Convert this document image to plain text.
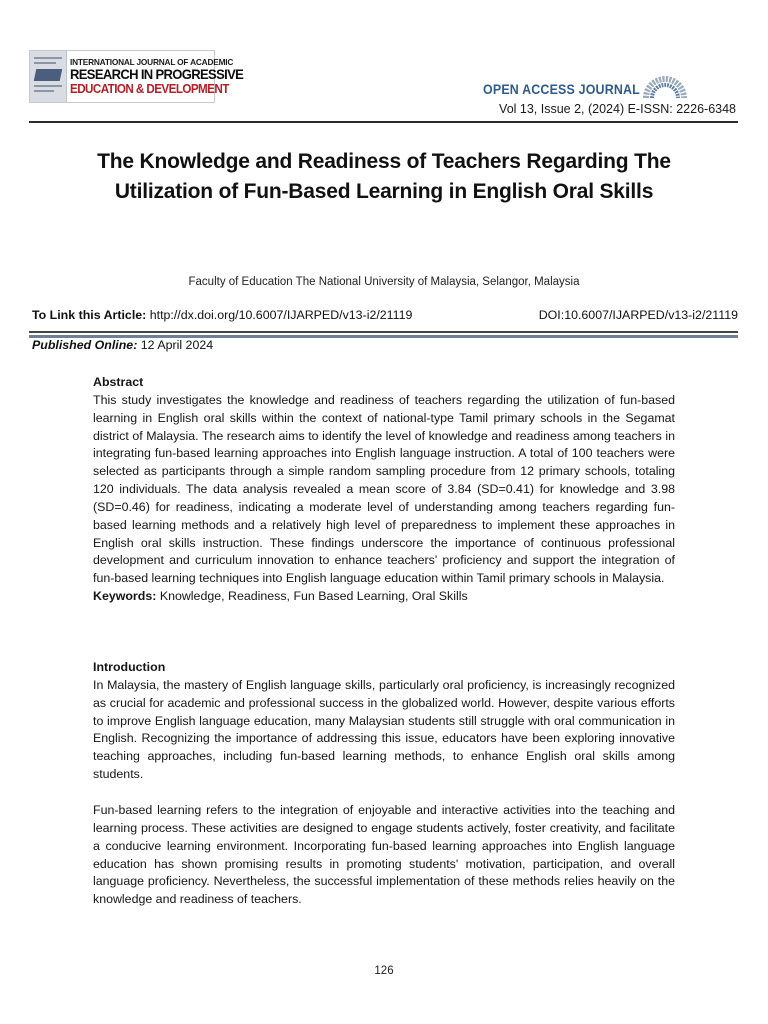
INTERNATIONAL JOURNAL OF ACADEMIC
RESEARCH IN PROGRESSIVE
EDUCATION & DEVELOPMENT	OPEN ACCESS JOURNAL
Vol 13, Issue 2, (2024) E-ISSN: 2226-6348
The Knowledge and Readiness of Teachers Regarding The Utilization of Fun-Based Learning in English Oral Skills
Faculty of Education The National University of Malaysia, Selangor, Malaysia
To Link this Article: http://dx.doi.org/10.6007/IJARPED/v13-i2/21119	DOI:10.6007/IJARPED/v13-i2/21119
Published Online: 12 April 2024
Abstract

This study investigates the knowledge and readiness of teachers regarding the utilization of fun-based learning in English oral skills within the context of national-type Tamil primary schools in the Segamat district of Malaysia. The research aims to identify the level of knowledge and readiness among teachers in integrating fun-based learning approaches into English language instruction. A total of 100 teachers were selected as participants through a simple random sampling procedure from 12 primary schools, totaling 120 individuals. The data analysis revealed a mean score of 3.84 (SD=0.41) for knowledge and 3.98 (SD=0.46) for readiness, indicating a moderate level of understanding among teachers regarding fun-based learning methods and a relatively high level of preparedness to implement these approaches in English oral skills instruction. These findings underscore the importance of continuous professional development and curriculum innovation to enhance teachers' proficiency and support the integration of fun-based learning techniques into English language education within Tamil primary schools in Malaysia.

Keywords: Knowledge, Readiness, Fun Based Learning, Oral Skills
Introduction

In Malaysia, the mastery of English language skills, particularly oral proficiency, is increasingly recognized as crucial for academic and professional success in the globalized world. However, despite various efforts to improve English language education, many Malaysian students still struggle with oral communication in English. Recognizing the importance of addressing this issue, educators have been exploring innovative teaching approaches, including fun-based learning methods, to enhance English oral skills among students.

Fun-based learning refers to the integration of enjoyable and interactive activities into the teaching and learning process. These activities are designed to engage students actively, foster creativity, and facilitate a conducive learning environment. Incorporating fun-based learning approaches into English language education has shown promising results in promoting students' motivation, participation, and overall language proficiency. Nevertheless, the successful implementation of these methods relies heavily on the knowledge and readiness of teachers.

126
